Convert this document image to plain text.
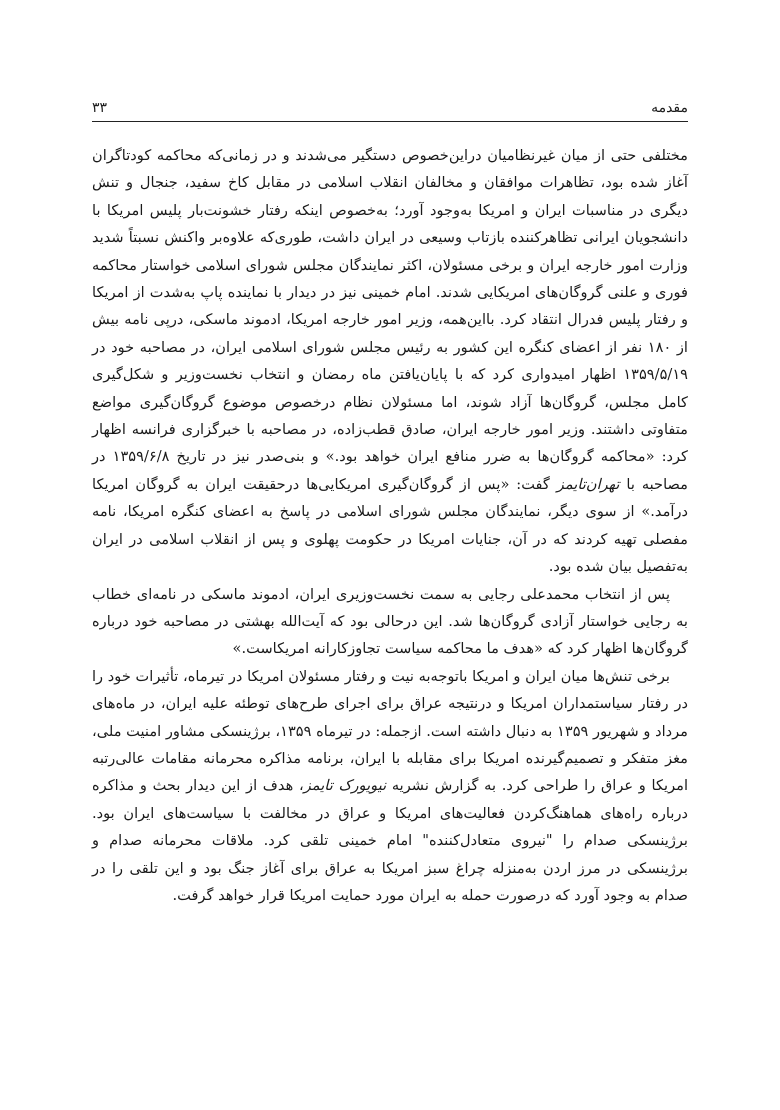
مقدمه
۳۳

مختلفی حتی از میان غیرنظامیان دراین‌خصوص دستگیر می‌شدند و در زمانی‌که محاکمه کودتاگران آغاز شده بود، تظاهرات موافقان و مخالفان انقلاب اسلامی در مقابل کاخ سفید، جنجال و تنش دیگری در مناسبات ایران و امریکا به‌وجود آورد؛ به‌خصوص اینکه رفتار خشونت‌بار پلیس امریکا با دانشجویان ایرانی تظاهرکننده بازتاب وسیعی در ایران داشت، طوری‌که علاوه‌بر واکنش نسبتاً شدید وزارت امور خارجه ایران و برخی مسئولان، اکثر نمایندگان مجلس شورای اسلامی خواستار محاکمه فوری و علنی گروگان‌های امریکایی شدند. امام خمینی نیز در دیدار با نماینده پاپ به‌شدت از امریکا و رفتار پلیس فدرال انتقاد کرد. بااین‌همه، وزیر امور خارجه امریکا، ادموند ماسکی، درپی نامه بیش از ۱۸۰ نفر از اعضای کنگره این کشور به رئیس مجلس شورای اسلامی ایران، در مصاحبه خود در ۱۳۵۹/۵/۱۹ اظهار امیدواری کرد که با پایان‌یافتن ماه رمضان و انتخاب نخست‌وزیر و شکل‌گیری کامل مجلس، گروگان‌ها آزاد شوند، اما مسئولان نظام درخصوص موضوع گروگان‌گیری مواضع متفاوتی داشتند. وزیر امور خارجه ایران، صادق قطب‌زاده، در مصاحبه با خبرگزاری فرانسه اظهار کرد: «محاکمه گروگان‌ها به ضرر منافع ایران خواهد بود.» و بنی‌صدر نیز در تاریخ ۱۳۵۹/۶/۸ در مصاحبه با تهران‌تایمز گفت: «پس از گروگان‌گیری امریکایی‌ها درحقیقت ایران به گروگان امریکا درآمد.» از سوی دیگر، نمایندگان مجلس شورای اسلامی در پاسخ به اعضای کنگره امریکا، نامه مفصلی تهیه کردند که در آن، جنایات امریکا در حکومت پهلوی و پس از انقلاب اسلامی در ایران به‌تفصیل بیان شده بود.

پس از انتخاب محمدعلی رجایی به سمت نخست‌وزیری ایران، ادموند ماسکی در نامه‌ای خطاب به رجایی خواستار آزادی گروگان‌ها شد. این درحالی بود که آیت‌الله بهشتی در مصاحبه خود درباره گروگان‌ها اظهار کرد که «هدف ما محاکمه سیاست تجاوزکارانه امریکاست.»

برخی تنش‌ها میان ایران و امریکا باتوجه‌به نیت و رفتار مسئولان امریکا در تیرماه، تأثیرات خود را در رفتار سیاستمداران امریکا و درنتیجه عراق برای اجرای طرح‌های توطئه علیه ایران، در ماه‌های مرداد و شهریور ۱۳۵۹ به دنبال داشته است. ازجمله: در تیرماه ۱۳۵۹، برژینسکی مشاور امنیت ملی، مغز متفکر و تصمیم‌گیرنده امریکا برای مقابله با ایران، برنامه مذاکره محرمانه مقامات عالی‌رتبه امریکا و عراق را طراحی کرد. به گزارش نشریه نیویورک تایمز، هدف از این دیدار بحث و مذاکره درباره راه‌های هماهنگ‌کردن فعالیت‌های امریکا و عراق در مخالفت با سیاست‌های ایران بود. برژینسکی صدام را "نیروی متعادل‌کننده" امام خمینی تلقی کرد. ملاقات محرمانه صدام و برژینسکی در مرز اردن به‌منزله چراغ سبز امریکا به عراق برای آغاز جنگ بود و این تلقی را در صدام به وجود آورد که درصورت حمله به ایران مورد حمایت امریکا قرار خواهد گرفت.
